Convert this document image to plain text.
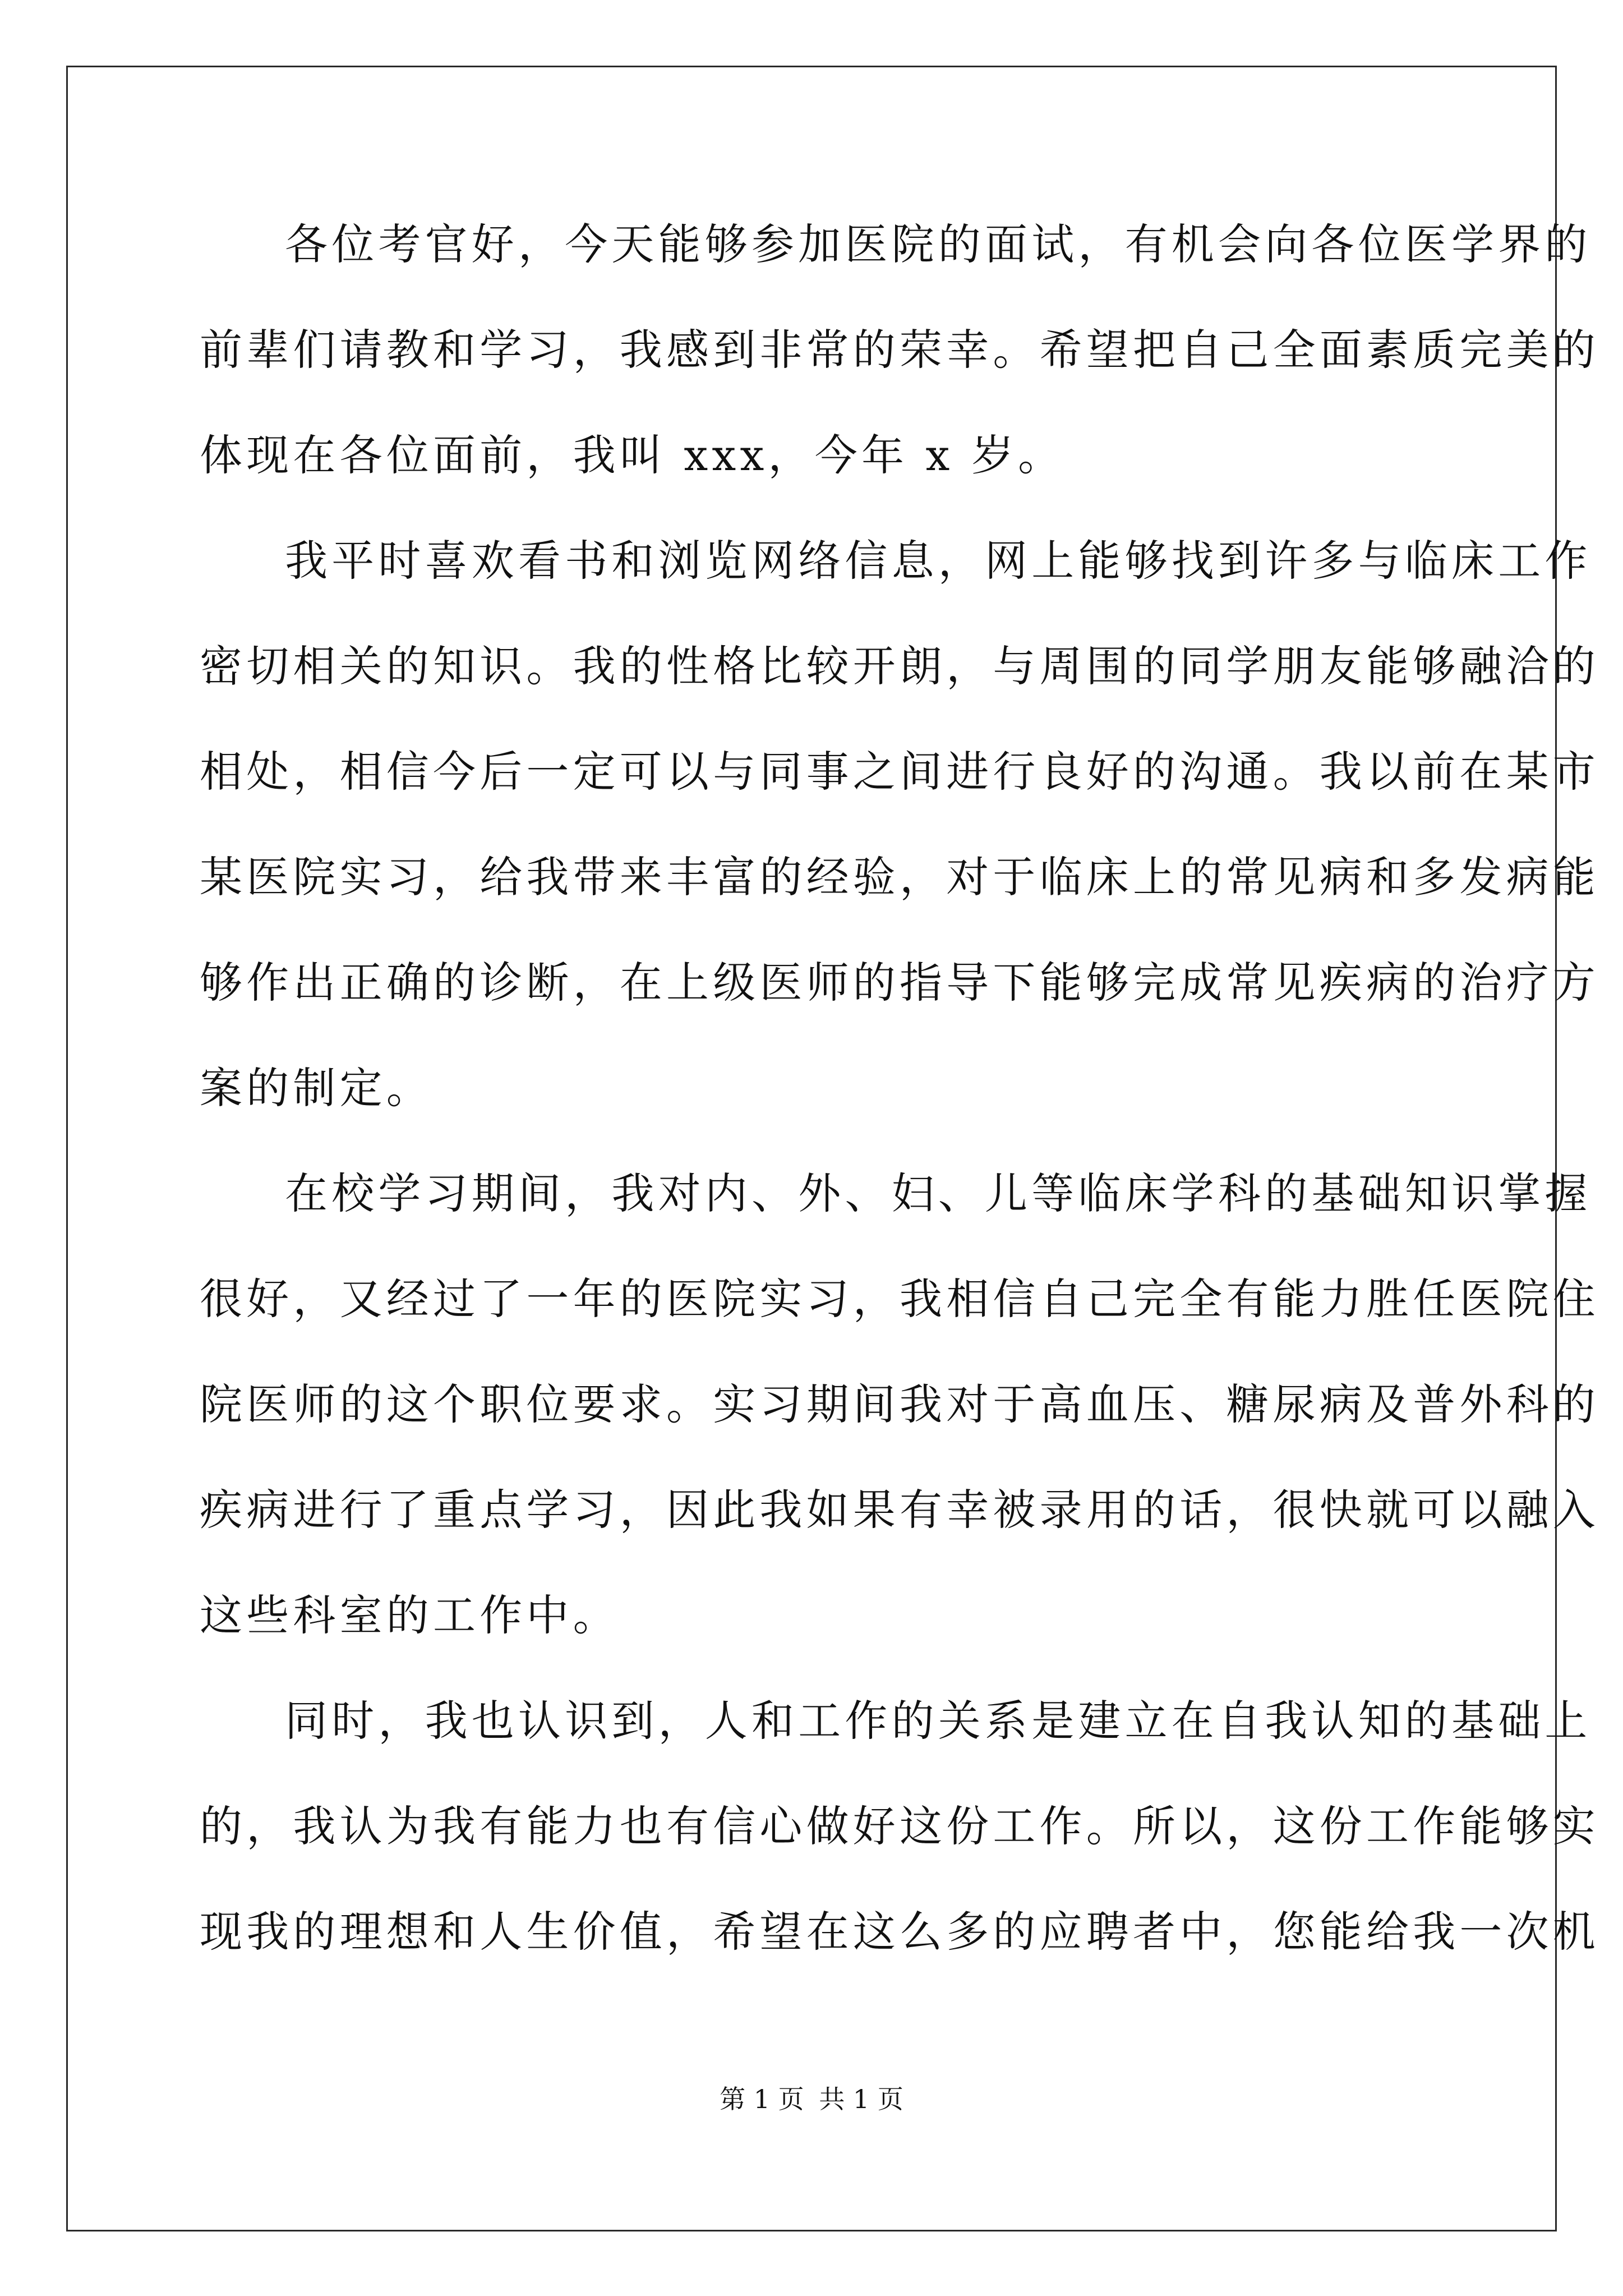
各位考官好，今天能够参加医院的面试，有机会向各位医学界的
前辈们请教和学习，我感到非常的荣幸。希望把自己全面素质完美的
体现在各位面前，我叫 xxx，今年 x 岁。
我平时喜欢看书和浏览网络信息，网上能够找到许多与临床工作
密切相关的知识。我的性格比较开朗，与周围的同学朋友能够融洽的
相处，相信今后一定可以与同事之间进行良好的沟通。我以前在某市
某医院实习，给我带来丰富的经验，对于临床上的常见病和多发病能
够作出正确的诊断，在上级医师的指导下能够完成常见疾病的治疗方
案的制定。
在校学习期间，我对内、外、妇、儿等临床学科的基础知识掌握
很好，又经过了一年的医院实习，我相信自己完全有能力胜任医院住
院医师的这个职位要求。实习期间我对于高血压、糖尿病及普外科的
疾病进行了重点学习，因此我如果有幸被录用的话，很快就可以融入
这些科室的工作中。
同时，我也认识到，人和工作的关系是建立在自我认知的基础上
的，我认为我有能力也有信心做好这份工作。所以，这份工作能够实
现我的理想和人生价值，希望在这么多的应聘者中，您能给我一次机
第 1 页 共 1 页
